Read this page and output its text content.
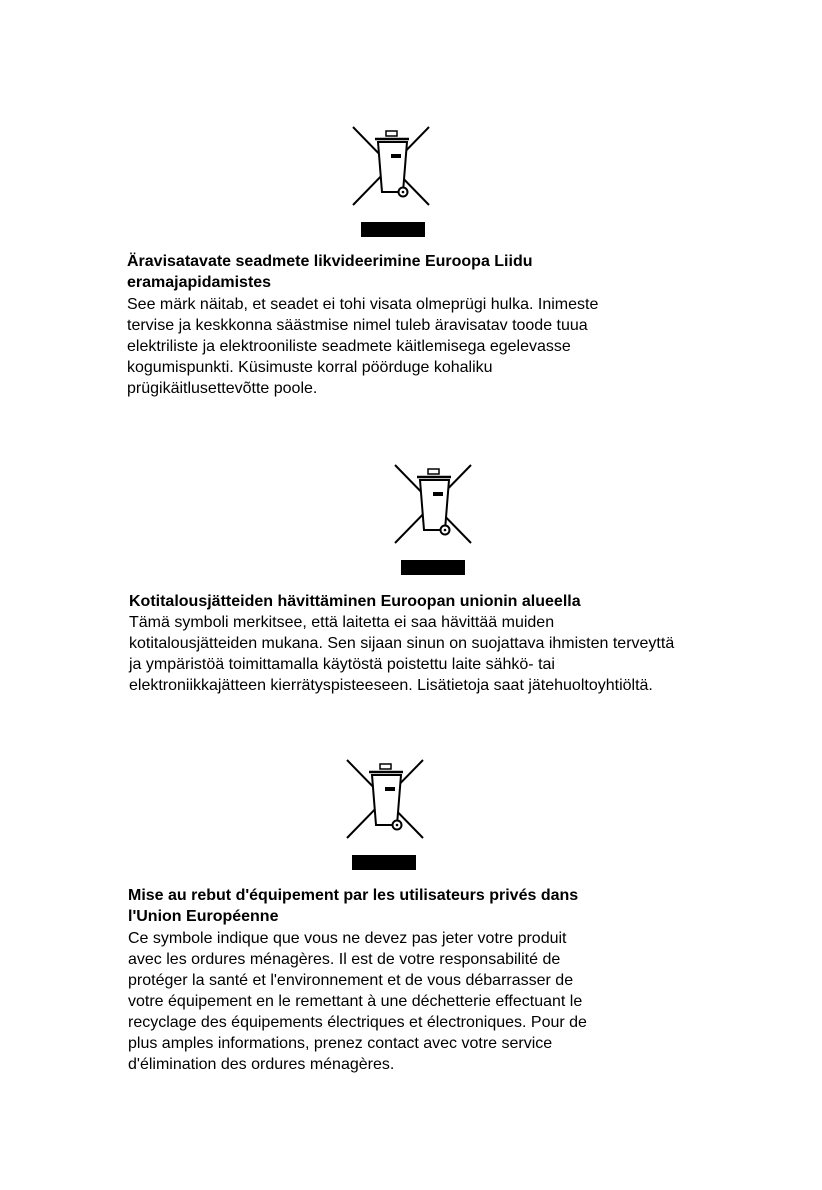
Äravisatavate seadmete likvideerimine Euroopa Liidu
eramajapidamistes
See märk näitab, et seadet ei tohi visata olmeprügi hulka. Inimeste
tervise ja keskkonna säästmise nimel tuleb äravisatav toode tuua
elektriliste ja elektrooniliste seadmete käitlemisega egelevasse
kogumispunkti. Küsimuste korral pöörduge kohaliku
prügikäitlusettevõtte poole.
Kotitalousjätteiden hävittäminen Euroopan unionin alueella
Tämä symboli merkitsee, että laitetta ei saa hävittää muiden
kotitalousjätteiden mukana. Sen sijaan sinun on suojattava ihmisten terveyttä
ja ympäristöä toimittamalla käytöstä poistettu laite sähkö- tai
elektroniikkajätteen kierrätyspisteeseen. Lisätietoja saat jätehuoltoyhtiöltä.
Mise au rebut d'équipement par les utilisateurs privés dans
l'Union Européenne
Ce symbole indique que vous ne devez pas jeter votre produit
avec les ordures ménagères. Il est de votre responsabilité de
protéger la santé et l'environnement et de vous débarrasser de
votre équipement en le remettant à une déchetterie effectuant le
recyclage des équipements électriques et électroniques. Pour de
plus amples informations, prenez contact avec votre service
d'élimination des ordures ménagères.
